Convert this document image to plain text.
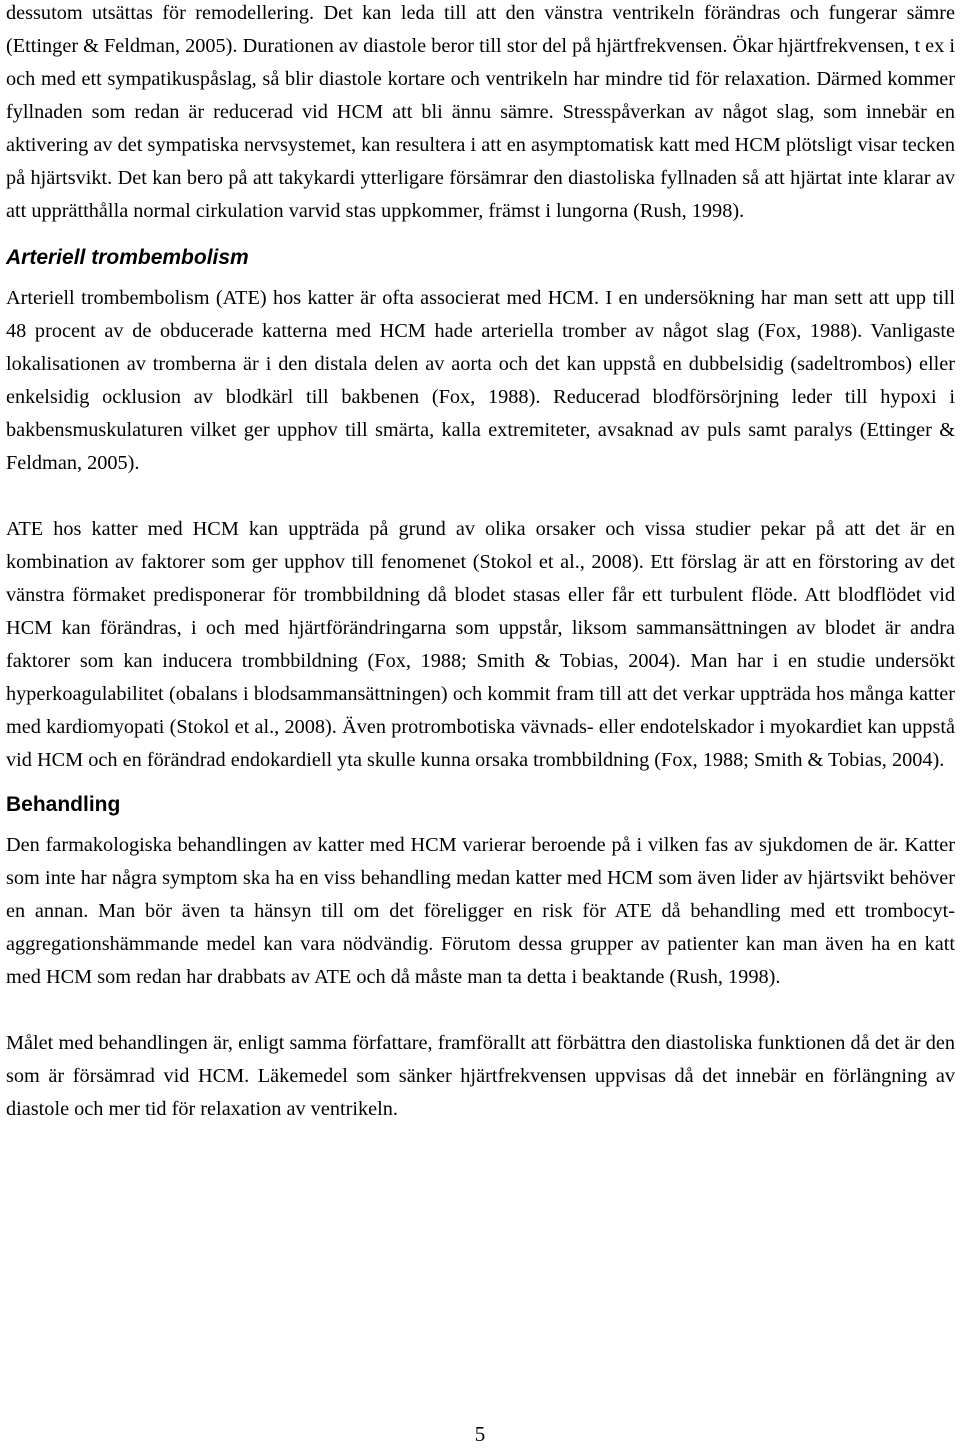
dessutom utsättas för remodellering. Det kan leda till att den vänstra ventrikeln förändras och fungerar sämre (Ettinger & Feldman, 2005). Durationen av diastole beror till stor del på hjärtfrekvensen. Ökar hjärtfrekvensen, t ex i och med ett sympatikuspåslag, så blir diastole kortare och ventrikeln har mindre tid för relaxation. Därmed kommer fyllnaden som redan är reducerad vid HCM att bli ännu sämre. Stresspåverkan av något slag, som innebär en aktivering av det sympatiska nervsystemet, kan resultera i att en asymptomatisk katt med HCM plötsligt visar tecken på hjärtsvikt. Det kan bero på att takykardi ytterligare försämrar den diastoliska fyllnaden så att hjärtat inte klarar av att upprätthålla normal cirkulation varvid stas uppkommer, främst i lungorna (Rush, 1998).

Arteriell trombembolism

Arteriell trombembolism (ATE) hos katter är ofta associerat med HCM. I en undersökning har man sett att upp till 48 procent av de obducerade katterna med HCM hade arteriella tromber av något slag (Fox, 1988). Vanligaste lokalisationen av tromberna är i den distala delen av aorta och det kan uppstå en dubbelsidig (sadeltrombos) eller enkelsidig ocklusion av blodkärl till bakbenen (Fox, 1988). Reducerad blodförsörjning leder till hypoxi i bakbensmuskulaturen vilket ger upphov till smärta, kalla extremiteter, avsaknad av puls samt paralys (Ettinger & Feldman, 2005).

ATE hos katter med HCM kan uppträda på grund av olika orsaker och vissa studier pekar på att det är en kombination av faktorer som ger upphov till fenomenet (Stokol et al., 2008). Ett förslag är att en förstoring av det vänstra förmaket predisponerar för trombbildning då blodet stasas eller får ett turbulent flöde. Att blodflödet vid HCM kan förändras, i och med hjärtförändringarna som uppstår, liksom sammansättningen av blodet är andra faktorer som kan inducera trombbildning (Fox, 1988; Smith & Tobias, 2004). Man har i en studie undersökt hyperkoagulabilitet (obalans i blodsammansättningen) och kommit fram till att det verkar uppträda hos många katter med kardiomyopati (Stokol et al., 2008). Även protrombotiska vävnads- eller endotelskador i myokardiet kan uppstå vid HCM och en förändrad endokardiell yta skulle kunna orsaka trombbildning (Fox, 1988; Smith & Tobias, 2004).

Behandling

Den farmakologiska behandlingen av katter med HCM varierar beroende på i vilken fas av sjukdomen de är. Katter som inte har några symptom ska ha en viss behandling medan katter med HCM som även lider av hjärtsvikt behöver en annan. Man bör även ta hänsyn till om det föreligger en risk för ATE då behandling med ett trombocyt-aggregationshämmande medel kan vara nödvändig. Förutom dessa grupper av patienter kan man även ha en katt med HCM som redan har drabbats av ATE och då måste man ta detta i beaktande (Rush, 1998).

Målet med behandlingen är, enligt samma författare, framförallt att förbättra den diastoliska funktionen då det är den som är försämrad vid HCM. Läkemedel som sänker hjärtfrekvensen uppvisas då det innebär en förlängning av diastole och mer tid för relaxation av ventrikeln.

5
